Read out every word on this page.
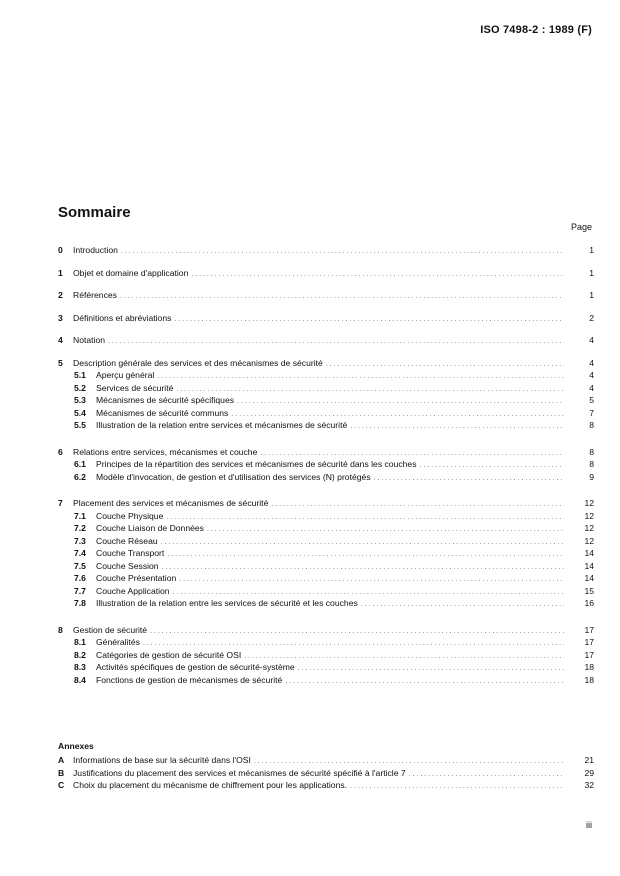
ISO 7498-2 : 1989 (F)
Sommaire
Page
0	Introduction . . .	1
1	Objet et domaine d'application . . .	1
2	Références . . .	1
3	Définitions et abréviations . . .	2
4	Notation . . .	4
5	Description générale des services et des mécanismes de sécurité . . .	4
5.1	Aperçu général . . .	4
5.2	Services de sécurité . . .	4
5.3	Mécanismes de sécurité spécifiques . . .	5
5.4	Mécanismes de sécurité communs . . .	7
5.5	Illustration de la relation entre services et mécanismes de sécurité . . .	8
6	Relations entre services, mécanismes et couche . . .	8
6.1	Principes de la répartition des services et mécanismes de sécurité dans les couches . . .	8
6.2	Modèle d'invocation, de gestion et d'utilisation des services (N) protégés . . .	9
7	Placement des services et mécanismes de sécurité . . .	12
7.1	Couche Physique . . .	12
7.2	Couche Liaison de Données . . .	12
7.3	Couche Réseau . . .	12
7.4	Couche Transport . . .	14
7.5	Couche Session . . .	14
7.6	Couche Présentation . . .	14
7.7	Couche Application . . .	15
7.8	Illustration de la relation entre les services de sécurité et les couches . . .	16
8	Gestion de sécurité . . .	17
8.1	Généralités . . .	17
8.2	Catégories de gestion de sécurité OSI . . .	17
8.3	Activités spécifiques de gestion de sécurité-système . . .	18
8.4	Fonctions de gestion de mécanismes de sécurité . . .	18
Annexes
A	Informations de base sur la sécurité dans l'OSI . . .	21
B	Justifications du placement des services et mécanismes de sécurité spécifié à l'article 7 . . .	29
C	Choix du placement du mécanisme de chiffrement pour les applications. . . .	32
iii
